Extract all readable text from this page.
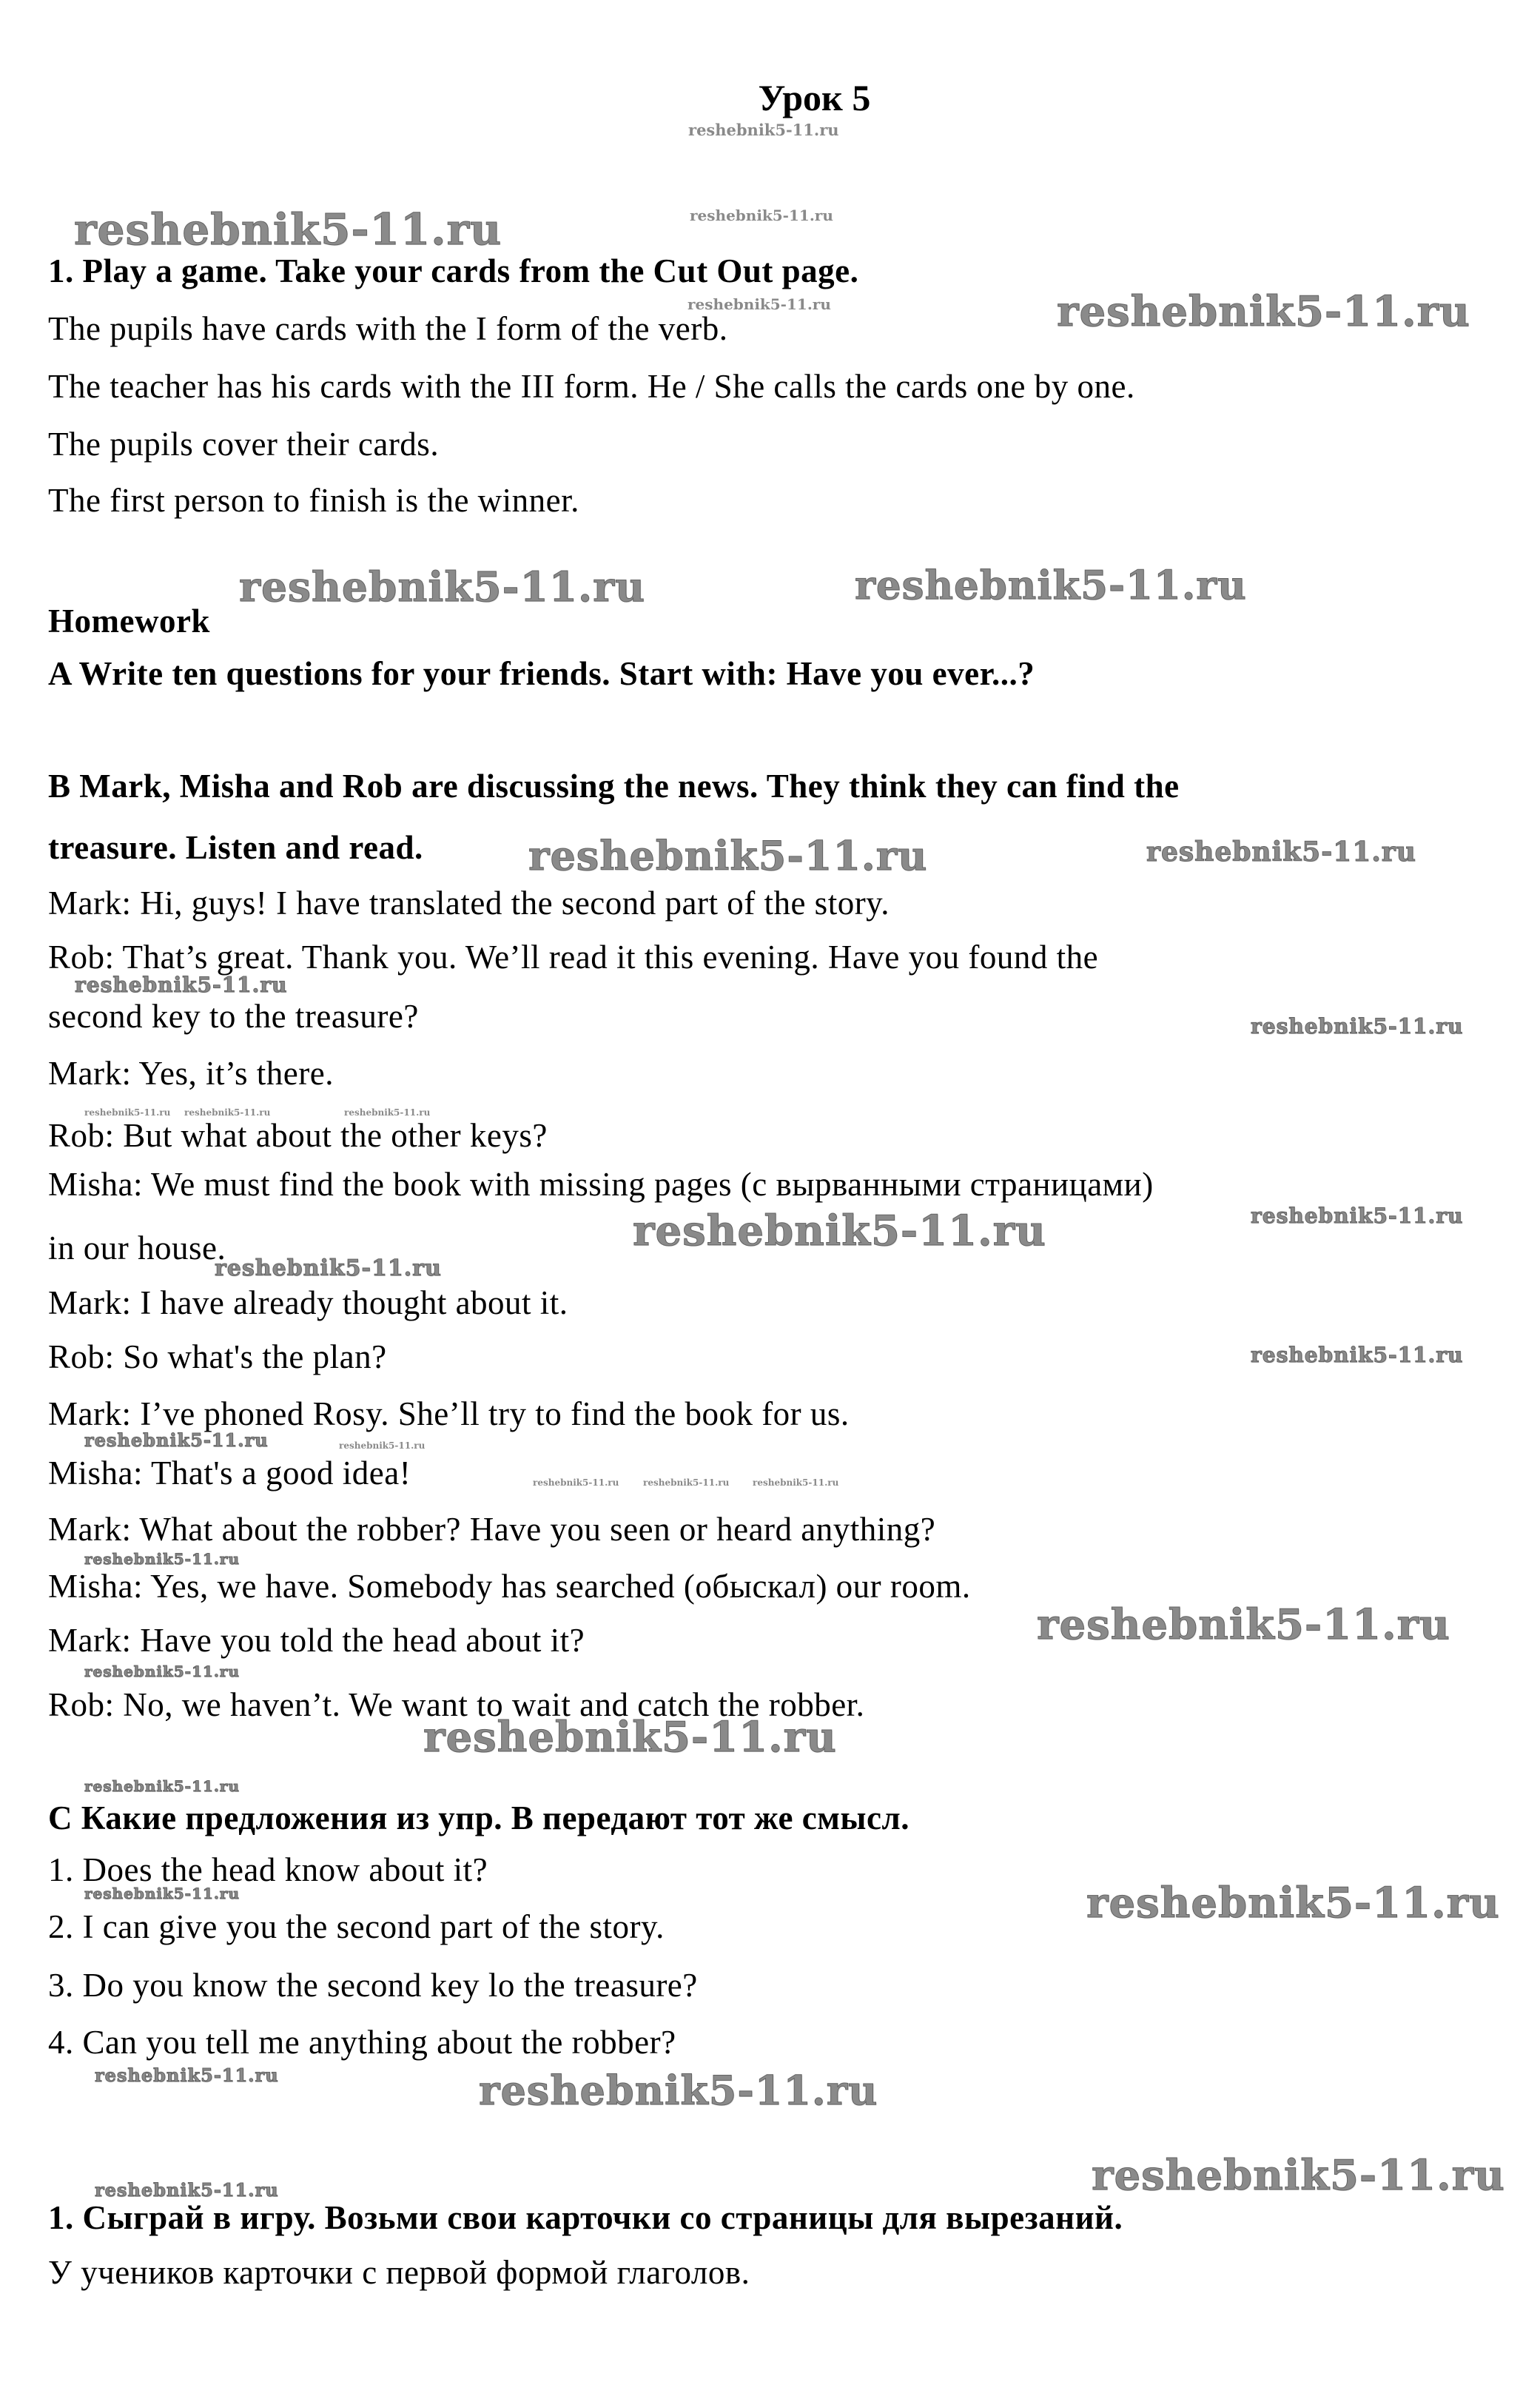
Урок 5
reshebnik5-11.ru
reshebnik5-11.ru	reshebnik5-11.ru
reshebnik5-11.ru
reshebnik5-11.ru
reshebnik5-11.ru	reshebnik5-11.ru
reshebnik5-11.ru	reshebnik5-11.ru
reshebnik5-11.ru
reshebnik5-11.ru
reshebnik5-11.ru reshebnik5-11.ru	reshebnik5-11.ru
reshebnik5-11.ru
reshebnik5-11.ru
reshebnik5-11.ru
reshebnik5-11.ru
reshebnik5-11.ru	reshebnik5-11.ru
reshebnik5-11.ru	reshebnik5-11.ru	reshebnik5-11.ru
reshebnik5-11.ru
reshebnik5-11.ru
reshebnik5-11.ru
reshebnik5-11.ru
reshebnik5-11.ru
reshebnik5-11.ru	reshebnik5-11.ru
reshebnik5-11.ru	reshebnik5-11.ru
reshebnik5-11.ru
reshebnik5-11.ru
1. Play a game. Take your cards from the Cut Out page.
The pupils have cards with the I form of the verb.
The teacher has his cards with the III form. He / She calls the cards one by one.
The pupils cover their cards.
The first person to finish is the winner.
Homework
A Write ten questions for your friends. Start with: Have you ever...?
B Mark, Misha and Rob are discussing the news. They think they can find the
treasure. Listen and read.
Mark: Hi, guys! I have translated the second part of the story.
Rob: That’s great. Thank you. We’ll read it this evening. Have you found the
second key to the treasure?
Mark: Yes, it’s there.
Rob: But what about the other keys?
Misha: We must find the book with missing pages (с вырванными страницами)
in our house.
Mark: I have already thought about it.
Rob: So what's the plan?
Mark: I’ve phoned Rosy. She’ll try to find the book for us.
Misha: That's a good idea!
Mark: What about the robber? Have you seen or heard anything?
Misha: Yes, we have. Somebody has searched (обыскал) our room.
Mark: Have you told the head about it?
Rob: No, we haven’t. We want to wait and catch the robber.
С Какие предложения из упр. В передают тот же смысл.
1. Does the head know about it?
2. I can give you the second part of the story.
3. Do you know the second key lo the treasure?
4. Can you tell me anything about the robber?
1. Сыграй в игру. Возьми свои карточки со страницы для вырезаний.
У учеников карточки с первой формой глаголов.
